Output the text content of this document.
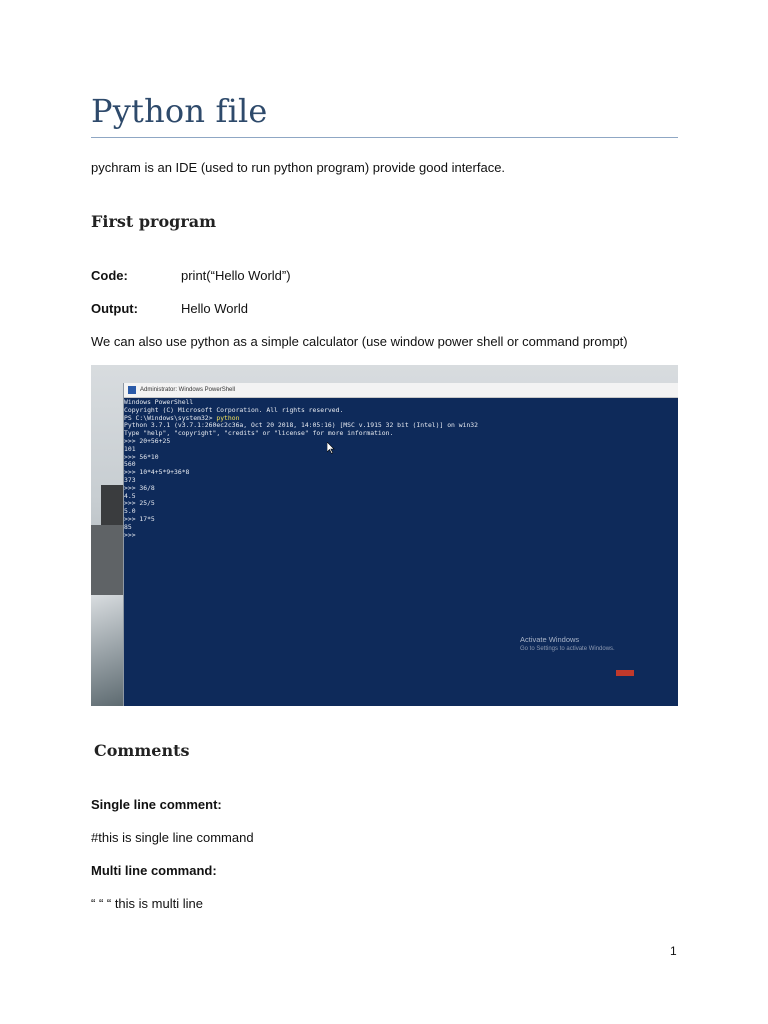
Python file

pychram is an IDE (used to run python program) provide good interface.

First program
Code:	print(“Hello World”)
Output:	Hello World

We can also use python as a simple calculator (use window power shell or command prompt)

Administrator: Windows PowerShell
Windows PowerShell
Copyright (C) Microsoft Corporation. All rights reserved.
PS C:\Windows\system32> python
Python 3.7.1 (v3.7.1:260ec2c36a, Oct 20 2018, 14:05:16) [MSC v.1915 32 bit (Intel)] on win32
Type "help", "copyright", "credits" or "license" for more information.
>>> 20+56+25
101
>>> 56*10
560
>>> 10*4+5*9+36*8
373
>>> 36/8
4.5
>>> 25/5
5.0
>>> 17*5
85
>>>
Activate Windows
Go to Settings to activate Windows.
Comments
Single line comment:

#this is single line command

Multi line command:

“ “ “ this is multi line

1
